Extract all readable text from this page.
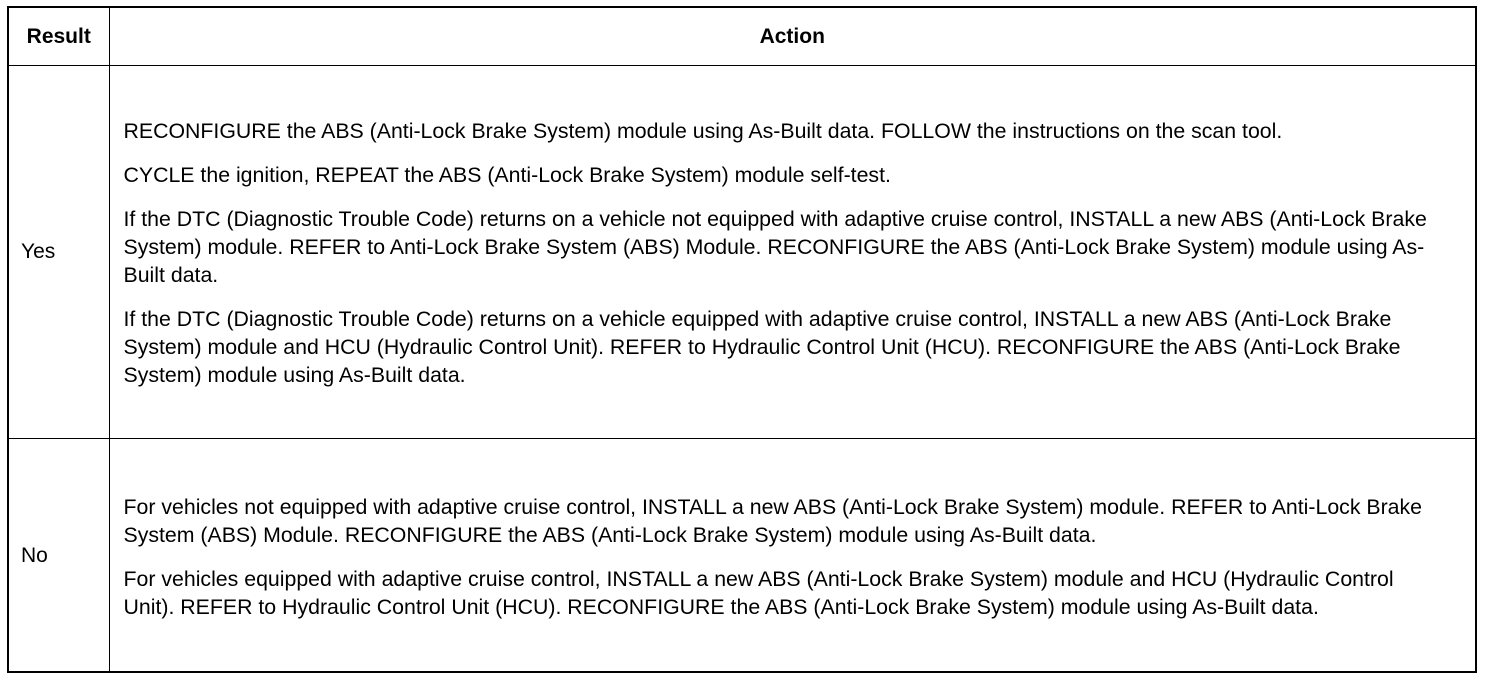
Result	Action
Yes	RECONFIGURE the ABS (Anti-Lock Brake System) module using As-Built data. FOLLOW the instructions on the scan tool.

CYCLE the ignition, REPEAT the ABS (Anti-Lock Brake System) module self-test.

If the DTC (Diagnostic Trouble Code) returns on a vehicle not equipped with adaptive cruise control, INSTALL a new ABS (Anti-Lock Brake System) module. REFER to Anti-Lock Brake System (ABS) Module. RECONFIGURE the ABS (Anti-Lock Brake System) module using As-Built data.

If the DTC (Diagnostic Trouble Code) returns on a vehicle equipped with adaptive cruise control, INSTALL a new ABS (Anti-Lock Brake System) module and HCU (Hydraulic Control Unit). REFER to Hydraulic Control Unit (HCU). RECONFIGURE the ABS (Anti-Lock Brake System) module using As-Built data.

No	For vehicles not equipped with adaptive cruise control, INSTALL a new ABS (Anti-Lock Brake System) module. REFER to Anti-Lock Brake System (ABS) Module. RECONFIGURE the ABS (Anti-Lock Brake System) module using As-Built data.

For vehicles equipped with adaptive cruise control, INSTALL a new ABS (Anti-Lock Brake System) module and HCU (Hydraulic Control Unit). REFER to Hydraulic Control Unit (HCU). RECONFIGURE the ABS (Anti-Lock Brake System) module using As-Built data.
